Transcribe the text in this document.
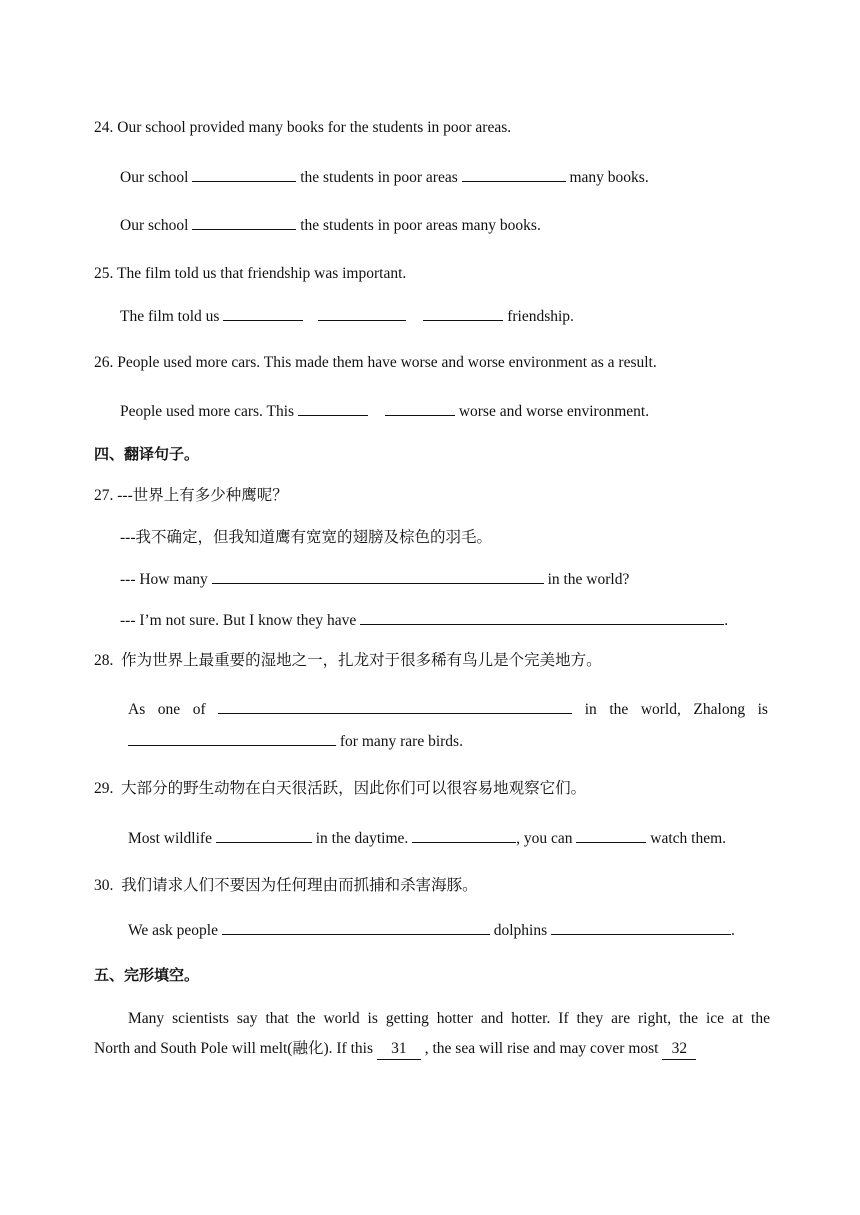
24. Our school provided many books for the students in poor areas.
Our school	the students in poor areas	many books.
Our school	the students in poor areas many books.
25. The film told us that friendship was important.
The film told us	friendship.
26. People used more cars. This made them have worse and worse environment as a result.
People used more cars. This	worse and worse environment.
四、翻译句子。
27. ---世界上有多少种鹰呢？
---我不确定，但我知道鹰有宽宽的翅膀及棕色的羽毛。
--- How many	in the world?
--- I’m not sure. But I know they have	.
28.  作为世界上最重要的湿地之一，扎龙对于很多稀有鸟儿是个完美地方。
As one of	in the world, Zhalong is
for many rare birds.
29.  大部分的野生动物在白天很活跃，因此你们可以很容易地观察它们。
Most wildlife	in the daytime.	, you can	watch them.
30.  我们请求人们不要因为任何理由而抓捕和杀害海豚。
We ask people	dolphins	.
五、完形填空。
Many scientists say that the world is getting hotter and hotter. If they are right, the ice at the
North and South Pole will melt(融化). If this 31 , the sea will rise and may cover most 32
